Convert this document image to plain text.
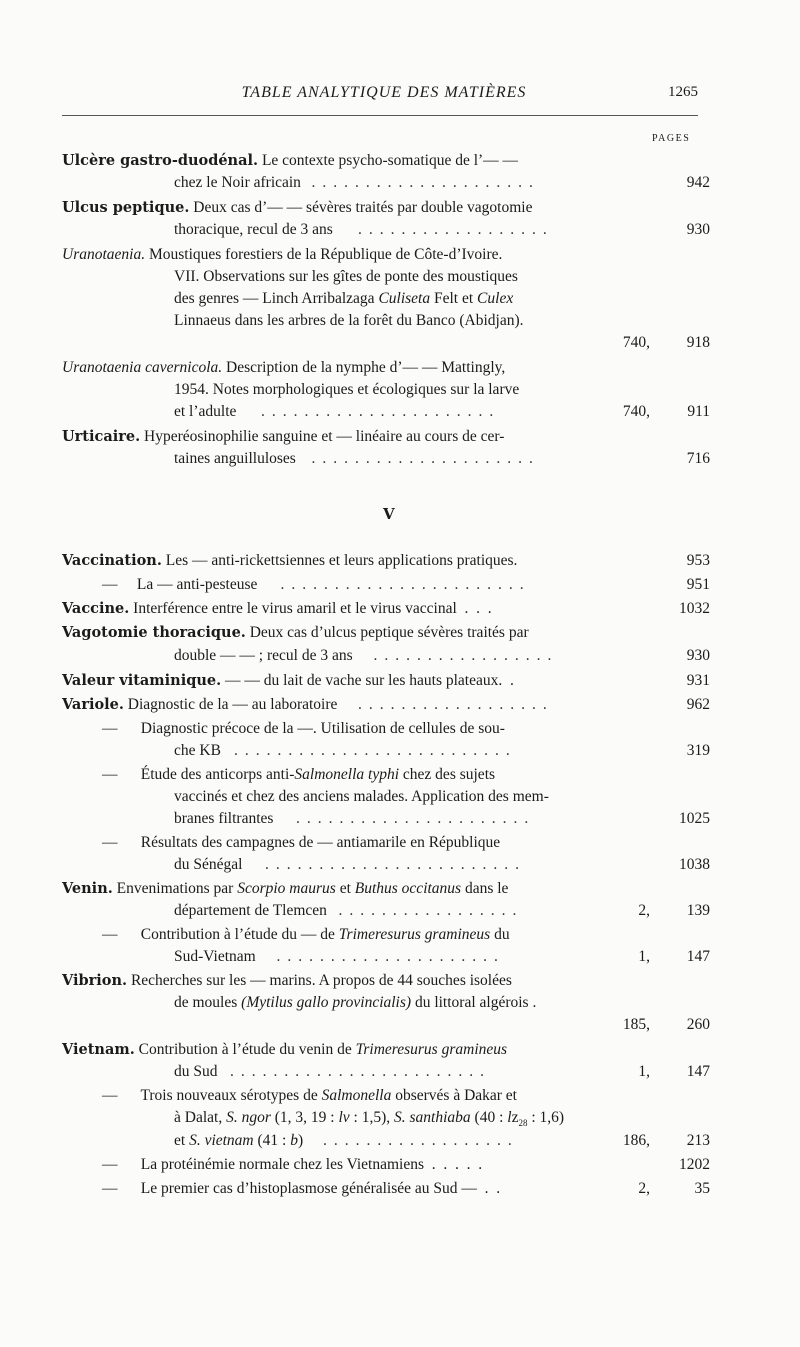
TABLE ANALYTIQUE DES MATIÈRES	1265
PAGES
V
Ulcère gastro-duodénal. Le contexte psycho-somatique de l’— —
chez le Noir africain .....................	942
Ulcus peptique. Deux cas d’— — sévères traités par double vagotomie
thoracique, recul de 3 ans ..................	930
Uranotaenia. Moustiques forestiers de la République de Côte-d’Ivoire.
VII. Observations sur les gîtes de ponte des moustiques
des genres — Linch Arribalzaga Culiseta Felt et Culex
Linnaeus dans les arbres de la forêt du Banco (Abidjan).
740,	918
Uranotaenia cavernicola. Description de la nymphe d’— — Mattingly,
1954. Notes morphologiques et écologiques sur la larve
et l’adulte ......................	740,	911
Urticaire. Hyperéosinophilie sanguine et — linéaire au cours de cer-
taines anguilluloses .....................	716
Vaccination. Les — anti-rickettsiennes et leurs applications pratiques.	953
—     La — anti-pesteuse .......................	951
Vaccine. Interférence entre le virus amaril et le virus vaccinal  .  .  .	1032
Vagotomie thoracique. Deux cas d’ulcus peptique sévères traités par
double — — ; recul de 3 ans .................	930
Valeur vitaminique. — — du lait de vache sur les hauts plateaux.  .	931
Variole. Diagnostic de la — au laboratoire ..................	962
—      Diagnostic précoce de la —. Utilisation de cellules de sou-
che KB ..........................	319
—      Étude des anticorps anti-Salmonella typhi chez des sujets
vaccinés et chez des anciens malades. Application des mem-
branes filtrantes ......................	1025
—      Résultats des campagnes de — antiamarile en République
du Sénégal ........................	1038
Venin. Envenimations par Scorpio maurus et Buthus occitanus dans le
département de Tlemcen .................	2,	139
—      Contribution à l’étude du — de Trimeresurus gramineus du
Sud-Vietnam .....................	1,	147
Vibrion. Recherches sur les — marins. A propos de 44 souches isolées
de moules (Mytilus gallo provincialis) du littoral algérois .
185,	260
Vietnam. Contribution à l’étude du venin de Trimeresurus gramineus
du Sud ........................	1,	147
—      Trois nouveaux sérotypes de Salmonella observés à Dakar et
à Dalat, S. ngor (1, 3, 19 : lv : 1,5), S. santhiaba (40 : $lz_{28}$ : 1,6)
et S. vietnam (41 : b) ..................	186,	213
—      La protéinémie normale chez les Vietnamiens  .  .  .  .  .	1202
—      Le premier cas d’histoplasmose généralisée au Sud —  .  .	2,	35
